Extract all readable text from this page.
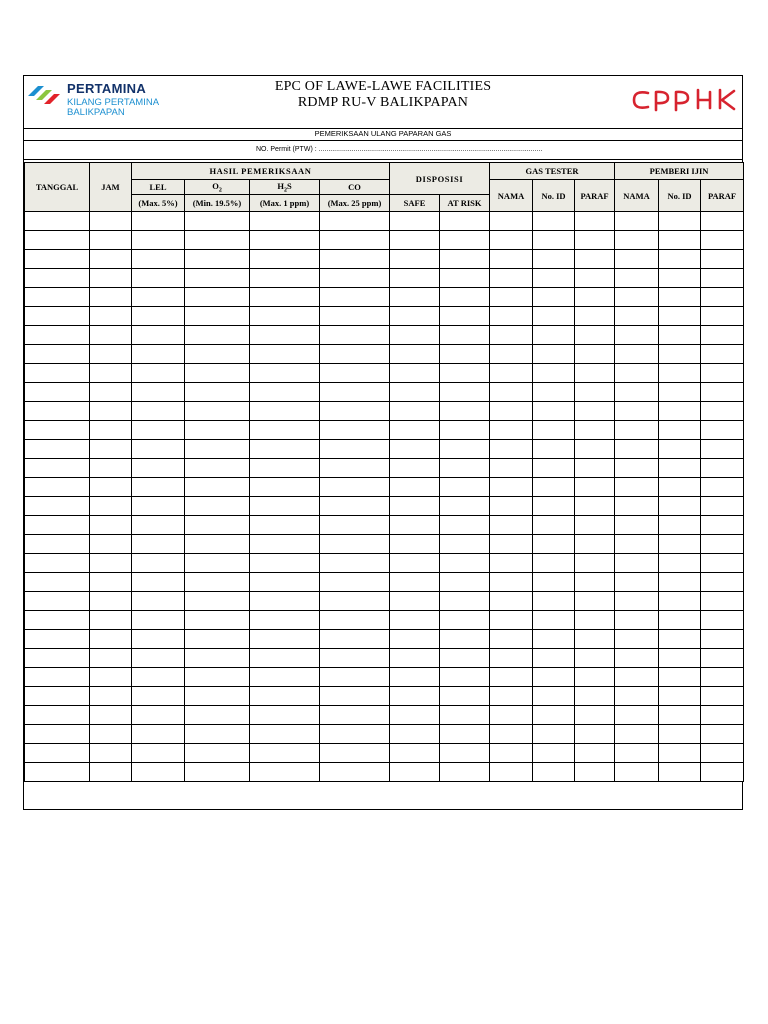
PERTAMINA
KILANG PERTAMINA
BALIKPAPAN
EPC OF LAWE-LAWE FACILITIES
RDMP RU-V BALIKPAPAN
PEMERIKSAAN ULANG PAPARAN GAS
NO. Permit (PTW) : ...................................................................................................................
TANGGAL	JAM	HASIL PEMERIKSAAN				DISPOSISI		GAS TESTER			PEMBERI IJIN		
		LEL	$O_2$	$H_2S$	CO			NAMA	No. ID	PARAF	NAMA	No. ID	PARAF
		(Max. 5%)	(Min. 19.5%)	(Max. 1 ppm)	(Max. 25 ppm)	SAFE	AT RISK						
